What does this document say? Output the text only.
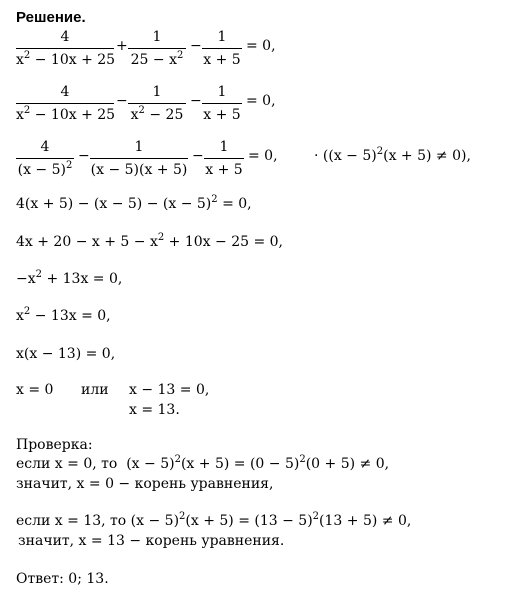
Решение.
4
$x^2 - 10x + 25$
+
1
$25 - x^2$
−
1
x + 5
= 0,
4
$x^2 - 10x + 25$
−
1
$x^2 - 25$
−
1
x + 5
= 0,
4
$(x - 5)^2$
−
1
(x − 5)(x + 5)
−
1
x + 5
= 0,	· $((x - 5)^2(x + 5) \ne 0)$,
$4(x + 5) - (x - 5) - (x - 5)^2 = 0$,
$4x + 20 - x + 5 - x^2 + 10x - 25 = 0$,
$-x^2 + 13x = 0$,
$x^2 - 13x = 0$,
x(x − 13) = 0,
x = 0 или x − 13 = 0,
x = 13.
Проверка:
если x = 0, то $(x - 5)^2(x + 5) = (0 - 5)^2(0 + 5) \ne 0$,
значит, x = 0 − корень уравнения,
если x = 13, то $(x - 5)^2(x + 5) = (13 - 5)^2(13 + 5) \ne 0$,
значит, x = 13 − корень уравнения.
Ответ: 0; 13.
